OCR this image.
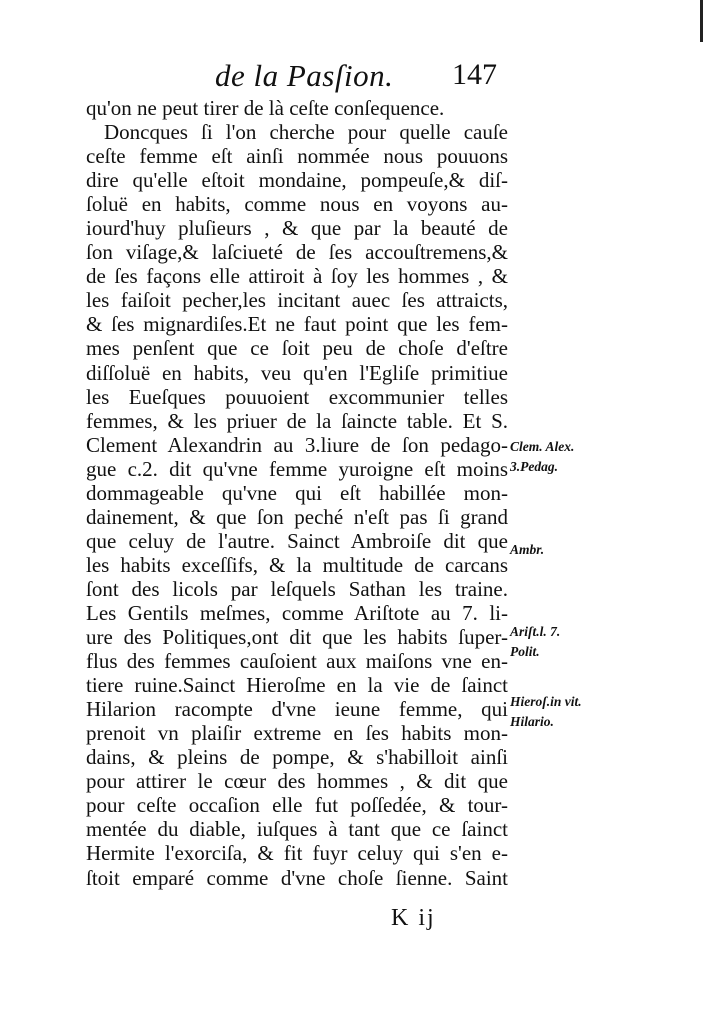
de la Pasſion. 147
qu'on ne peut tirer de là ceſte conſequence.
Doncques ſi l'on cherche pour quelle cauſe
ceſte femme eſt ainſi nommée nous pouuons
dire qu'elle eſtoit mondaine, pompeuſe,& diſ-
ſoluë en habits, comme nous en voyons au-
iourd'huy pluſieurs , & que par la beauté de
ſon viſage,& laſciueté de ſes accouſtremens,&
de ſes façons elle attiroit à ſoy les hommes , &
les faiſoit pecher,les incitant auec ſes attraicts,
& ſes mignardiſes.Et ne faut point que les fem-
mes penſent que ce ſoit peu de choſe d'eſtre
diſſoluë en habits, veu qu'en l'Egliſe primitiue
les Eueſques pouuoient excommunier telles
femmes, & les priuer de la ſaincte table. Et S.
Clement Alexandrin au 3.liure de ſon pedago-
gue c.2. dit qu'vne femme yuroigne eſt moins
dommageable qu'vne qui eſt habillée mon-
dainement, & que ſon peché n'eſt pas ſi grand
que celuy de l'autre. Sainct Ambroiſe dit que
les habits exceſſifs, & la multitude de carcans
ſont des licols par leſquels Sathan les traine.
Les Gentils meſmes, comme Ariſtote au 7. li-
ure des Politiques,ont dit que les habits ſuper-
flus des femmes cauſoient aux maiſons vne en-
tiere ruine.Sainct Hieroſme en la vie de ſainct
Hilarion racompte d'vne ieune femme, qui
prenoit vn plaiſir extreme en ſes habits mon-
dains, & pleins de pompe, & s'habilloit ainſi
pour attirer le cœur des hommes , & dit que
pour ceſte occaſion elle fut poſſedée, & tour-
mentée du diable, iuſques à tant que ce ſainct
Hermite l'exorciſa, & fit fuyr celuy qui s'en e-
ſtoit emparé comme d'vne choſe ſienne. Saint
Clem. Alex.
3.Pedag.
Ambr.
Ariſt.l. 7.
Polit.
Hieroſ.in vit.
Hilario.
K ij
